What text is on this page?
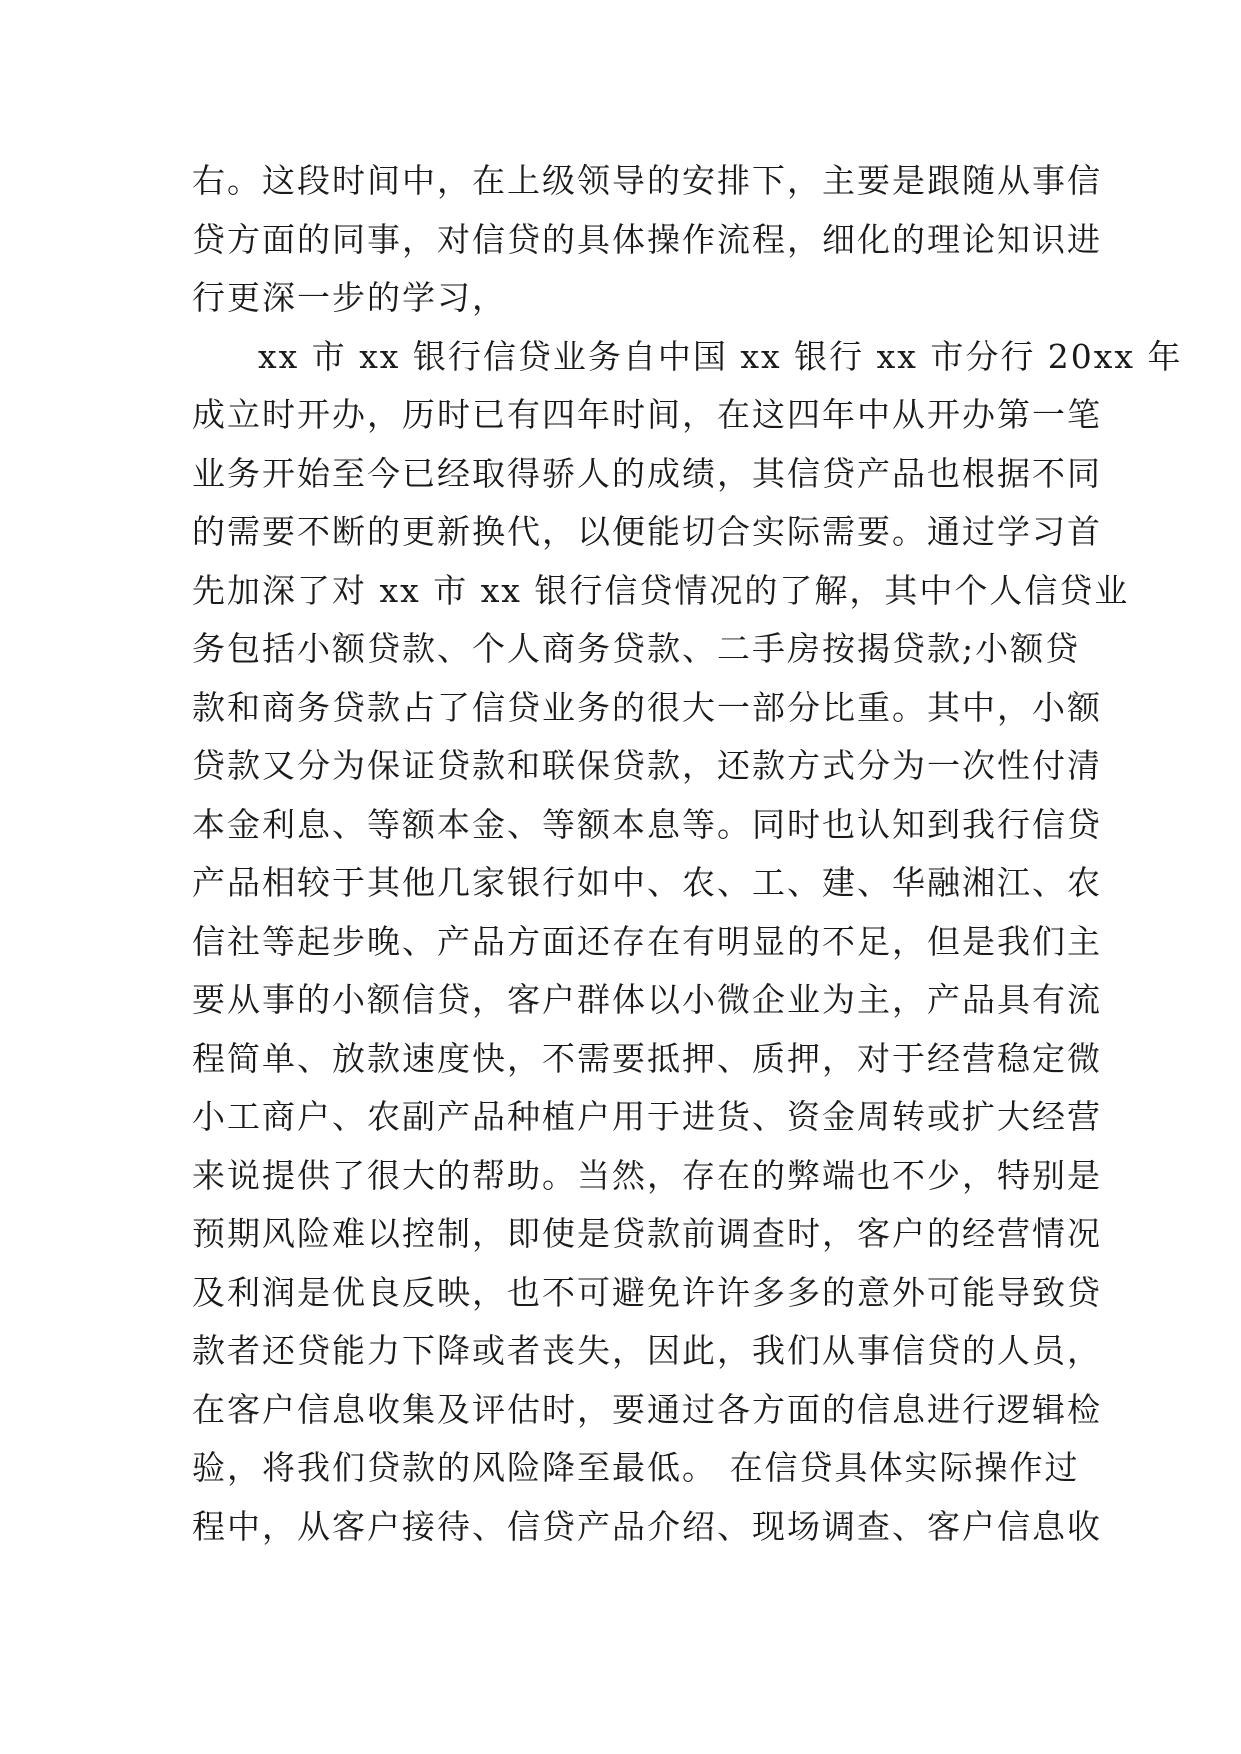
右。这段时间中，在上级领导的安排下，主要是跟随从事信
贷方面的同事，对信贷的具体操作流程，细化的理论知识进
行更深一步的学习，
xx 市 xx 银行信贷业务自中国 xx 银行 xx 市分行 20xx 年
成立时开办，历时已有四年时间，在这四年中从开办第一笔
业务开始至今已经取得骄人的成绩，其信贷产品也根据不同
的需要不断的更新换代，以便能切合实际需要。通过学习首
先加深了对 xx 市 xx 银行信贷情况的了解，其中个人信贷业
务包括小额贷款、个人商务贷款、二手房按揭贷款;小额贷
款和商务贷款占了信贷业务的很大一部分比重。其中，小额
贷款又分为保证贷款和联保贷款，还款方式分为一次性付清
本金利息、等额本金、等额本息等。同时也认知到我行信贷
产品相较于其他几家银行如中、农、工、建、华融湘江、农
信社等起步晚、产品方面还存在有明显的不足，但是我们主
要从事的小额信贷，客户群体以小微企业为主，产品具有流
程简单、放款速度快，不需要抵押、质押，对于经营稳定微
小工商户、农副产品种植户用于进货、资金周转或扩大经营
来说提供了很大的帮助。当然，存在的弊端也不少，特别是
预期风险难以控制，即使是贷款前调查时，客户的经营情况
及利润是优良反映，也不可避免许许多多的意外可能导致贷
款者还贷能力下降或者丧失，因此，我们从事信贷的人员，
在客户信息收集及评估时，要通过各方面的信息进行逻辑检
验，将我们贷款的风险降至最低。 在信贷具体实际操作过
程中，从客户接待、信贷产品介绍、现场调查、客户信息收
